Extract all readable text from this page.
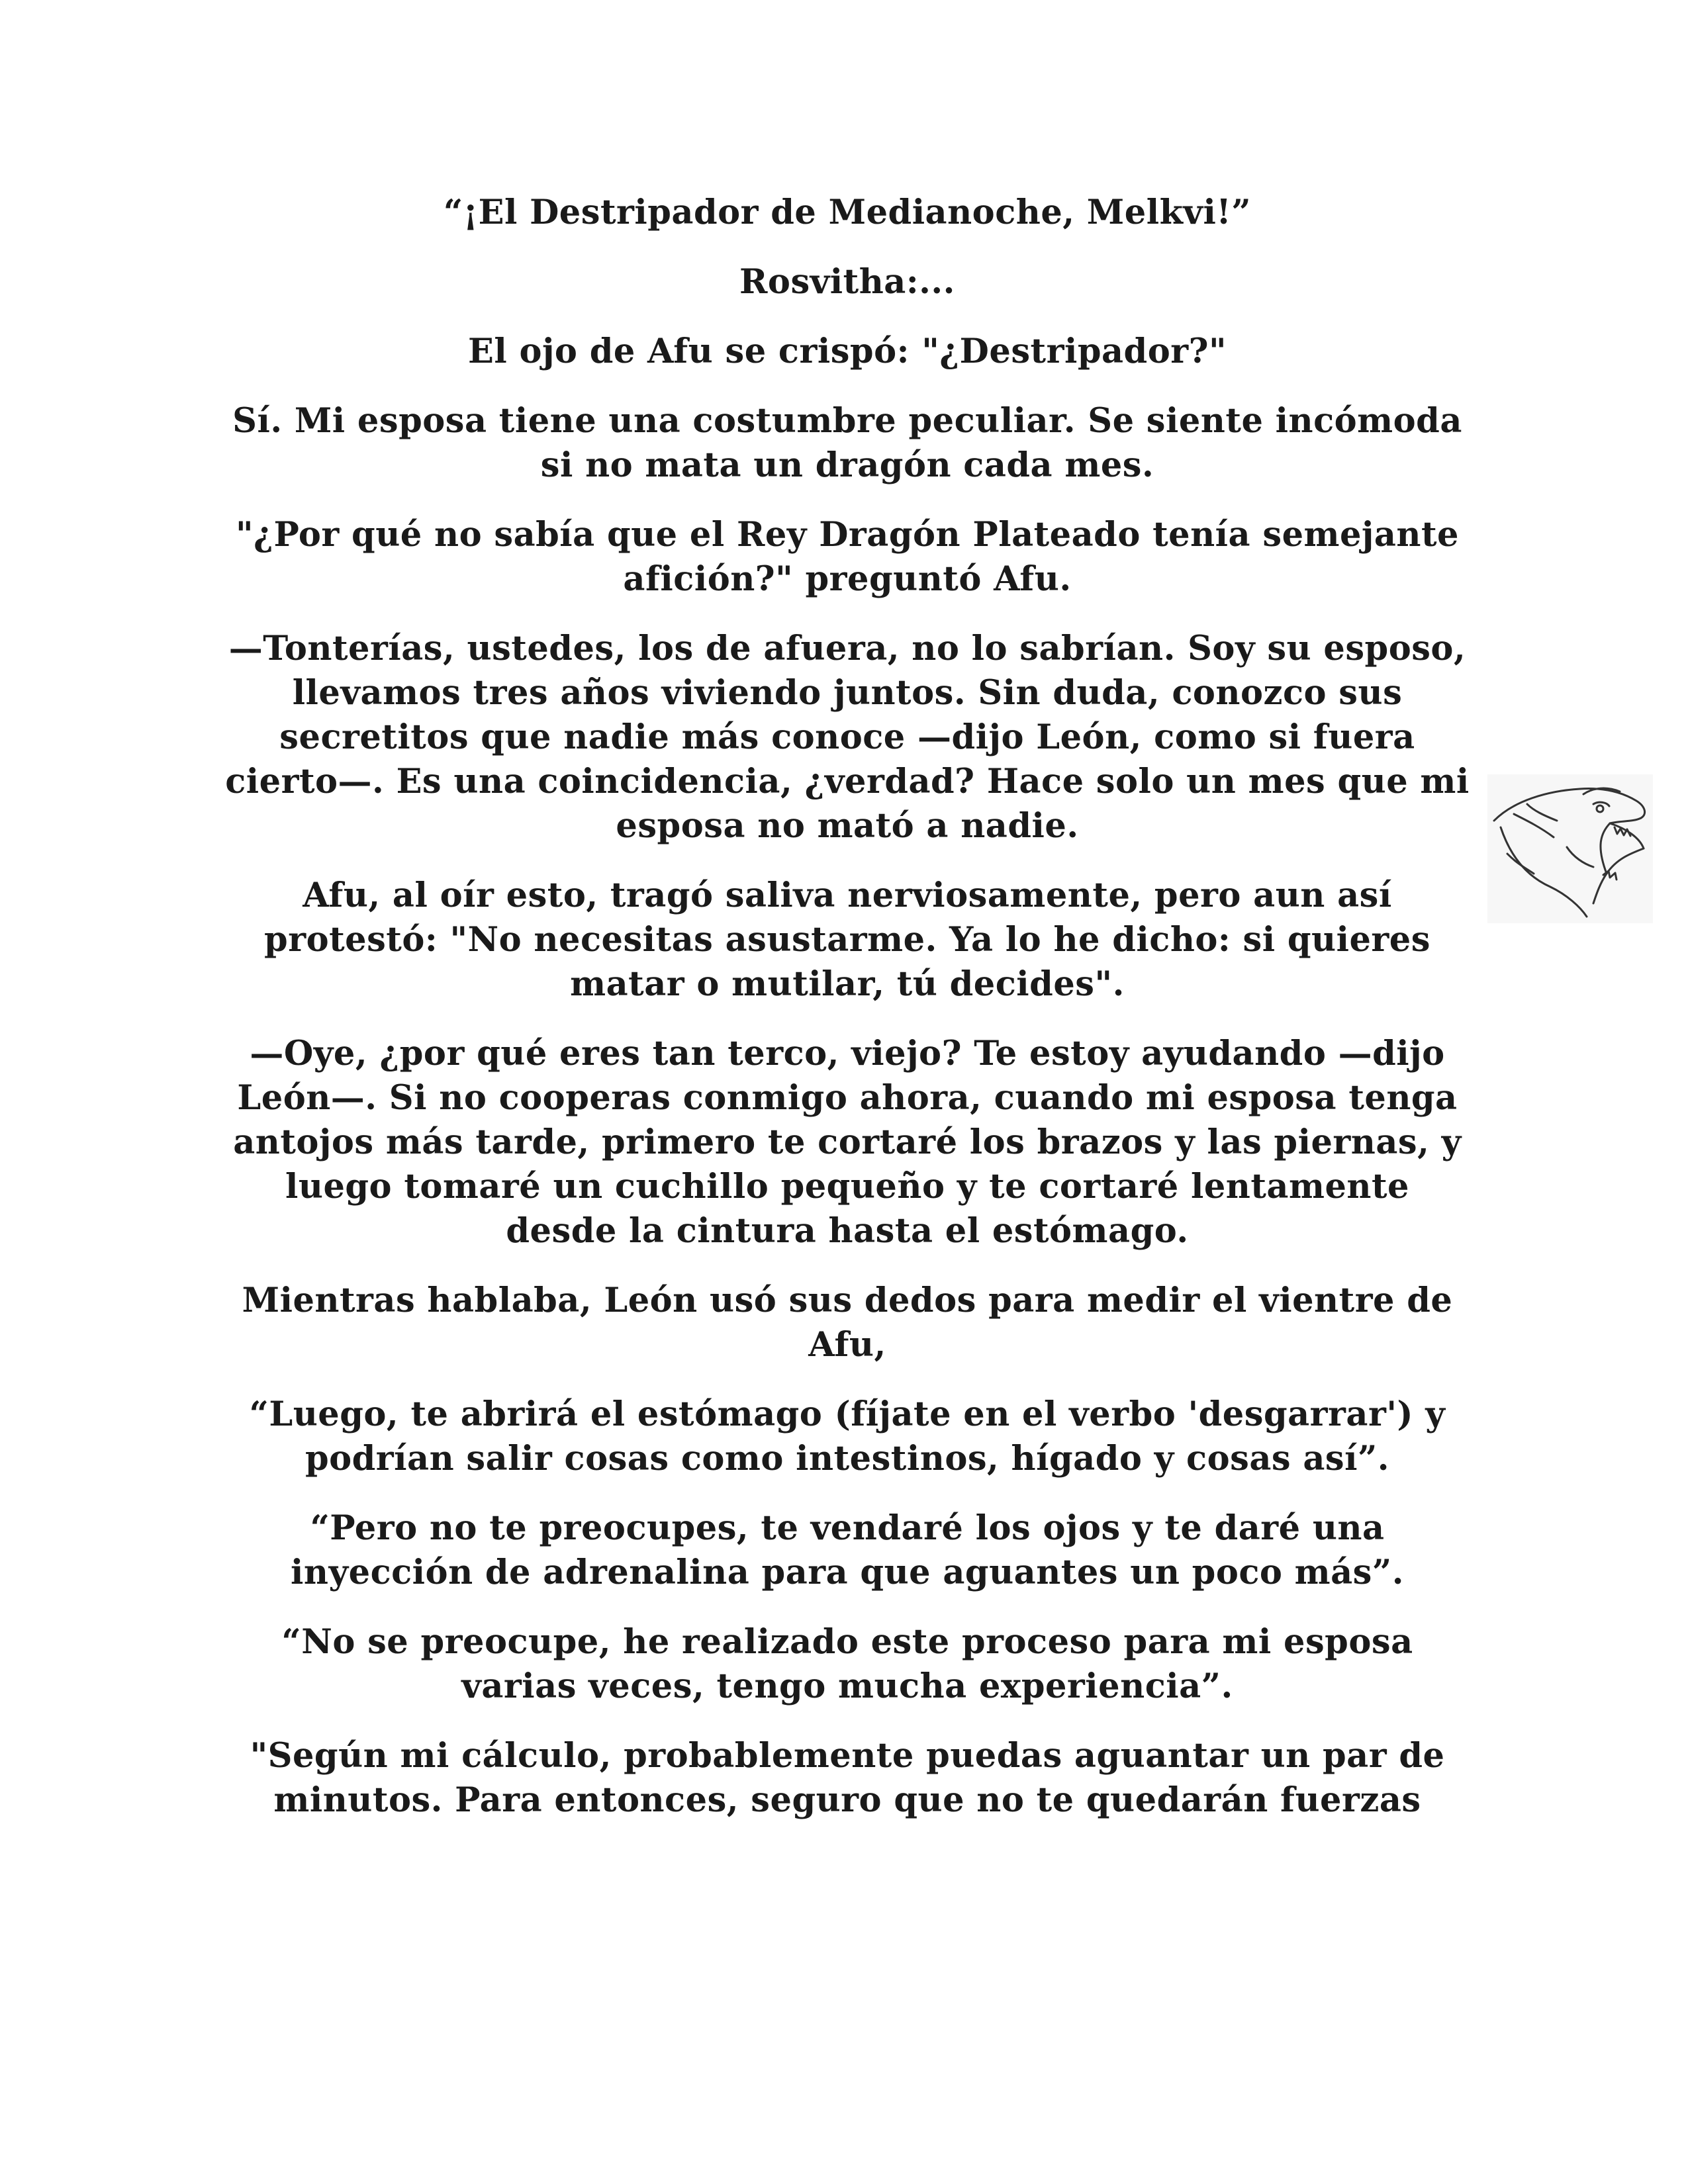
“¡El Destripador de Medianoche, Melkvi!”

Rosvitha:...

El ojo de Afu se crispó: "¿Destripador?"

Sí. Mi esposa tiene una costumbre peculiar. Se siente incómoda si no mata un dragón cada mes.

"¿Por qué no sabía que el Rey Dragón Plateado tenía semejante afición?" preguntó Afu.

—Tonterías, ustedes, los de afuera, no lo sabrían. Soy su esposo, llevamos tres años viviendo juntos. Sin duda, conozco sus secretitos que nadie más conoce —dijo León, como si fuera cierto—. Es una coincidencia, ¿verdad? Hace solo un mes que mi esposa no mató a nadie.

Afu, al oír esto, tragó saliva nerviosamente, pero aun así protestó: "No necesitas asustarme. Ya lo he dicho: si quieres matar o mutilar, tú decides".

—Oye, ¿por qué eres tan terco, viejo? Te estoy ayudando —dijo León—. Si no cooperas conmigo ahora, cuando mi esposa tenga antojos más tarde, primero te cortaré los brazos y las piernas, y luego tomaré un cuchillo pequeño y te cortaré lentamente desde la cintura hasta el estómago.

Mientras hablaba, León usó sus dedos para medir el vientre de Afu,

“Luego, te abrirá el estómago (fíjate en el verbo 'desgarrar') y podrían salir cosas como intestinos, hígado y cosas así”.

“Pero no te preocupes, te vendaré los ojos y te daré una inyección de adrenalina para que aguantes un poco más”.

“No se preocupe, he realizado este proceso para mi esposa varias veces, tengo mucha experiencia”.

"Según mi cálculo, probablemente puedas aguantar un par de minutos. Para entonces, seguro que no te quedarán fuerzas
